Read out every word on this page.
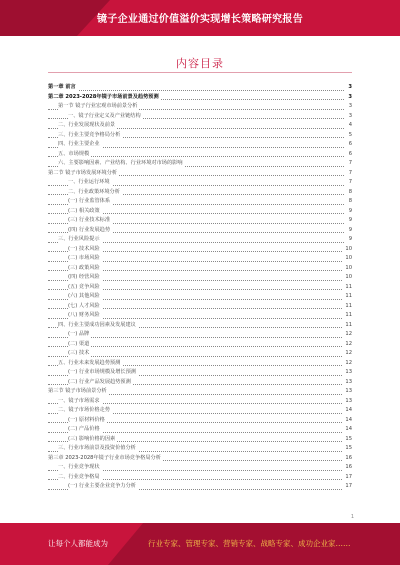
镜子企业通过价值溢价实现增长策略研究报告
内容目录
第一章 前言	3
第二章 2023-2028年镜子市场前景及趋势预测	3
第一节 镜子行业宏观市场前景分析	3
一、镜子行业定义及产业链结构	3
二、行业发展现状及前景	4
三、行业主要竞争格局分析	5
四、行业主要企业	6
五、市场规模	6
六、主要影响因素、产业结构、行业环境对市场的影响	7
第二节 镜子市场发展环境分析	7
一、行业运行环境	7
二、行业政策环境分析	8
(一) 行业监管体系	8
(二) 相关政策	9
(三) 行业技术标准	9
(四) 行业发展趋势	9
三、行业风险提示	9
(一) 技术风险	10
(二) 市场风险	10
(三) 政策风险	10
(四) 经营风险	10
(五) 竞争风险	11
(六) 其他风险	11
(七) 人才风险	11
(八) 财务风险	11
四、行业主要成功因素及发展建议	11
(一) 品牌	12
(二) 渠道	12
(三) 技术	12
五、行业未来发展趋势预测	12
(一) 行业市场规模及增长预测	13
(二) 行业产品发展趋势预测	13
第三节 镜子市场前景分析	13
一、镜子市场需求	13
二、镜子市场价格走势	14
(一) 原材料价格	14
(二) 产品价格	14
(三) 影响价格的因素	15
三、行业市场前景及投资价值分析	15
第三章 2023-2028年镜子行业市场竞争格局分析	16
一、行业竞争现状	16
二、行业竞争格局	17
(一) 行业主要企业竞争力分析	17
1
让每个人都能成为	行业专家、管理专家、营销专家、战略专家、成功企业家……
